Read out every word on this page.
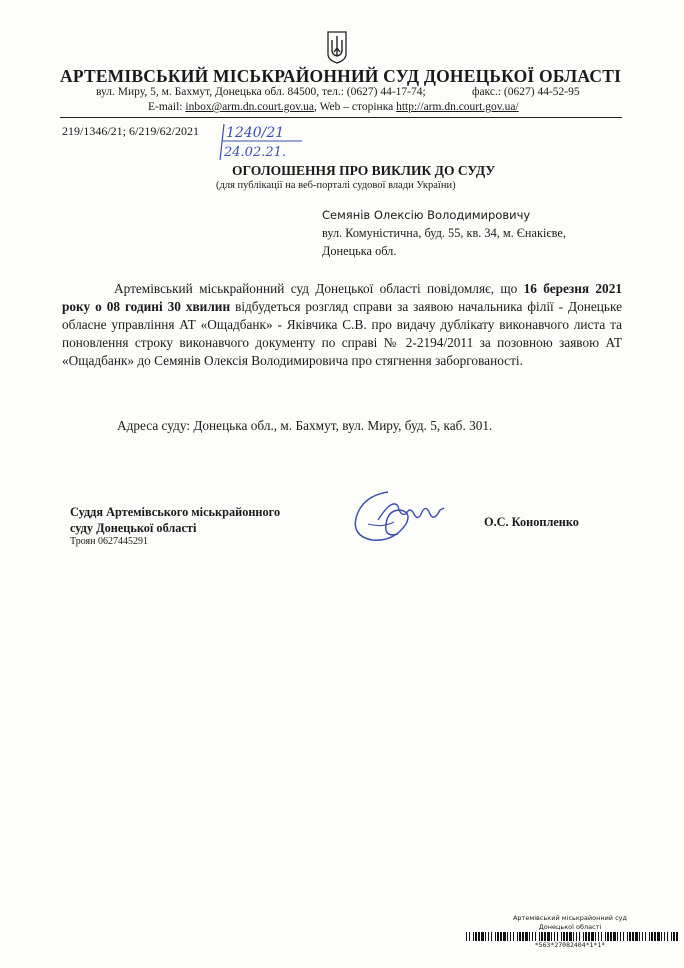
АРТЕМІВСЬКИЙ МІСЬКРАЙОННИЙ СУД ДОНЕЦЬКОЇ ОБЛАСТІ
вул. Миру, 5, м. Бахмут, Донецька обл. 84500, тел.: (0627) 44-17-74;	факс.: (0627) 44-52-95
E-mail: inbox@arm.dn.court.gov.ua, Web – сторінка http://arm.dn.court.gov.ua/
219/1346/21; 6/219/62/2021 1240/21
24.02.21.
ОГОЛОШЕННЯ ПРО ВИКЛИК ДО СУДУ
(для публікації на веб-порталі судової влади України)
Семянів Олексію Володимировичу
вул. Комуністична, буд. 55, кв. 34, м. Єнакієве,
Донецька обл.
Артемівський міськрайонний суд Донецької області повідомляє, що 16 березня 2021 року о 08 годині 30 хвилин відбудеться розгляд справи за заявою начальника філії - Донецьке обласне управління АТ «Ощадбанк» - Яківчика С.В. про видачу дублікату виконавчого листа та поновлення строку виконавчого документу по справі № 2-2194/2011 за позовною заявою АТ «Ощадбанк» до Семянів Олексія Володимировича про стягнення заборгованості.
Адреса суду: Донецька обл., м. Бахмут, вул. Миру, буд. 5, каб. 301.
Суддя Артемівського міськрайонного
суду Донецької області
Троян 0627445291
О.С. Конопленко
Артемівський міськрайонний суд
Донецької області
*563*27082404*1*1*
